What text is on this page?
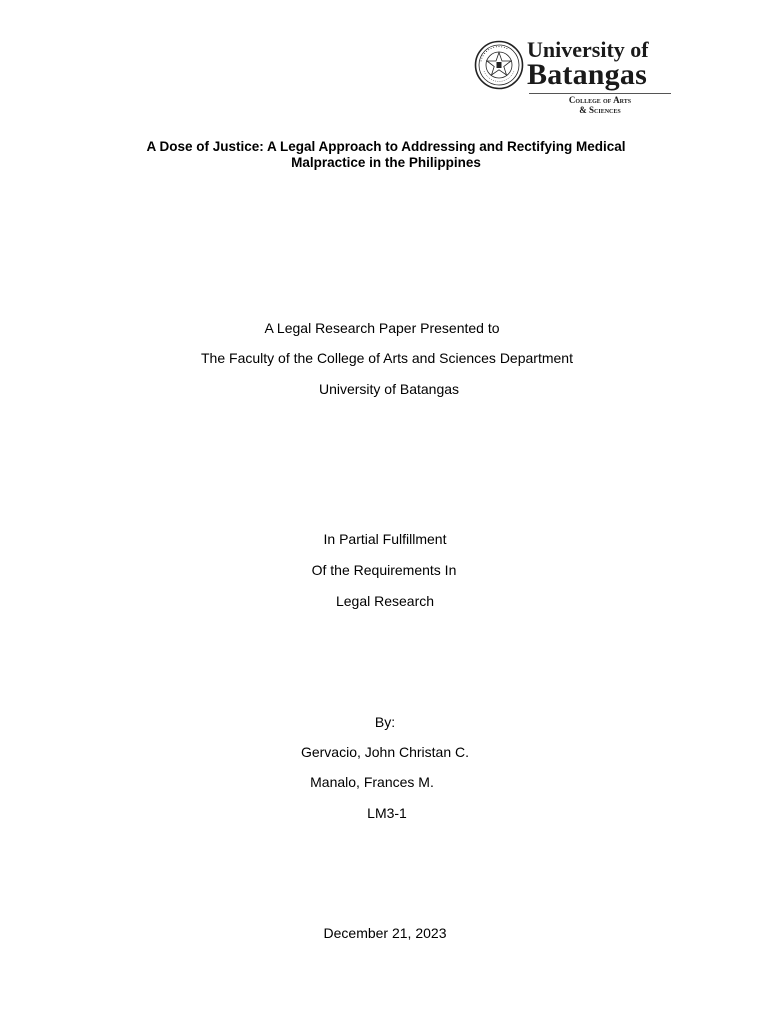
• • • • • • • • • • • • • University of
Batangas
College of Arts
& Sciences
A Dose of Justice: A Legal Approach to Addressing and Rectifying Medical
Malpractice in the Philippines
A Legal Research Paper Presented to
The Faculty of the College of Arts and Sciences Department
University of Batangas
In Partial Fulfillment
Of the Requirements In
Legal Research
By:
Gervacio, John Christan C.
Manalo, Frances M.
LM3-1
December 21, 2023
